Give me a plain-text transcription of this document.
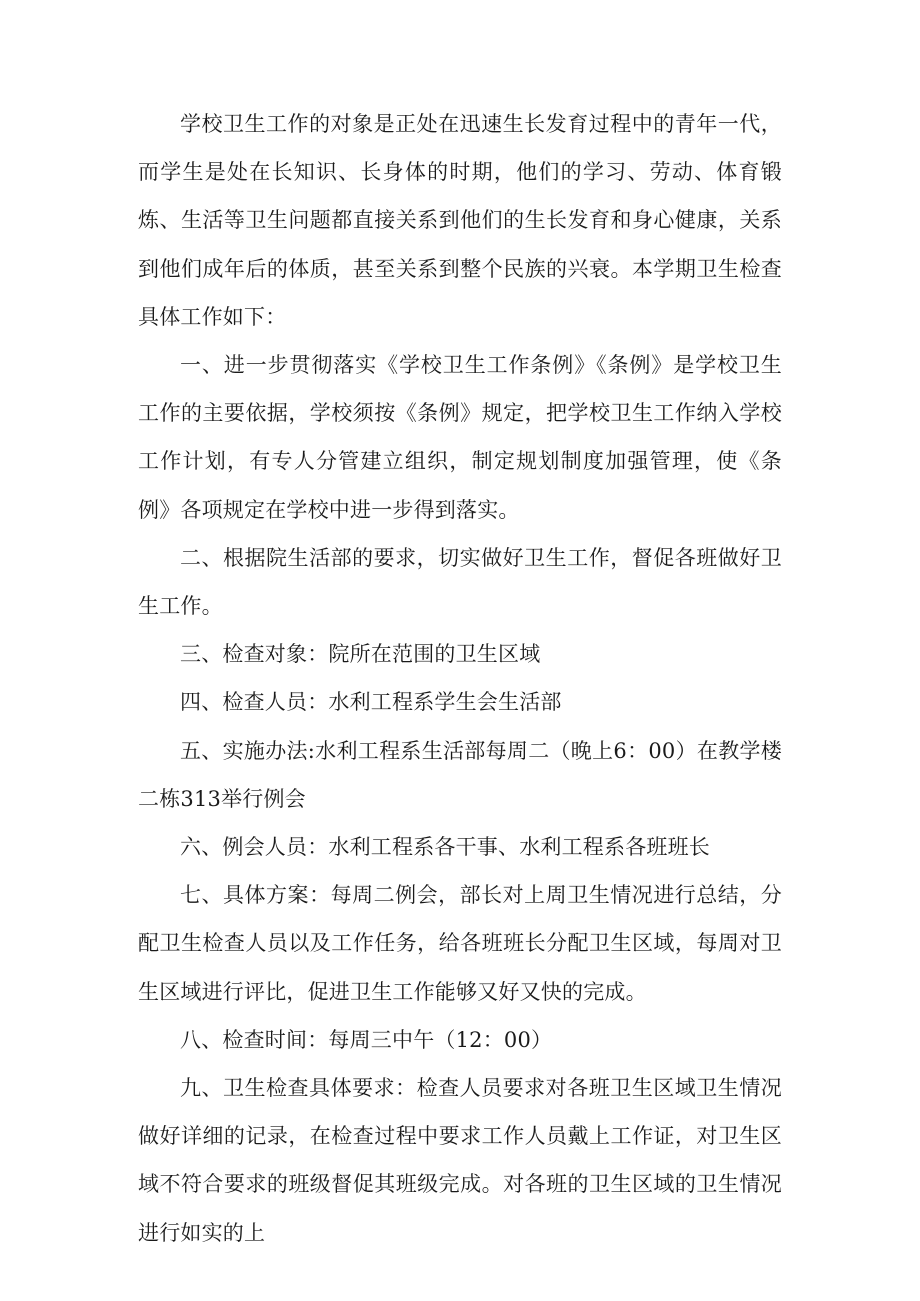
学校卫生工作的对象是正处在迅速生长发育过程中的青年一代，而学生是处在长知识、长身体的时期，他们的学习、劳动、体育锻炼、生活等卫生问题都直接关系到他们的生长发育和身心健康，关系到他们成年后的体质，甚至关系到整个民族的兴衰。本学期卫生检查具体工作如下：

一、进一步贯彻落实《学校卫生工作条例》《条例》是学校卫生工作的主要依据，学校须按《条例》规定，把学校卫生工作纳入学校工作计划，有专人分管建立组织，制定规划制度加强管理，使《条例》各项规定在学校中进一步得到落实。

二、根据院生活部的要求，切实做好卫生工作，督促各班做好卫生工作。

三、检查对象：院所在范围的卫生区域

四、检查人员：水利工程系学生会生活部

五、实施办法:水利工程系生活部每周二（晚上6：00）在教学楼二栋313举行例会

六、例会人员：水利工程系各干事、水利工程系各班班长

七、具体方案：每周二例会，部长对上周卫生情况进行总结，分配卫生检查人员以及工作任务，给各班班长分配卫生区域，每周对卫生区域进行评比，促进卫生工作能够又好又快的完成。

八、检查时间：每周三中午（12：00）

九、卫生检查具体要求：检查人员要求对各班卫生区域卫生情况做好详细的记录，在检查过程中要求工作人员戴上工作证，对卫生区域不符合要求的班级督促其班级完成。对各班的卫生区域的卫生情况进行如实的上
